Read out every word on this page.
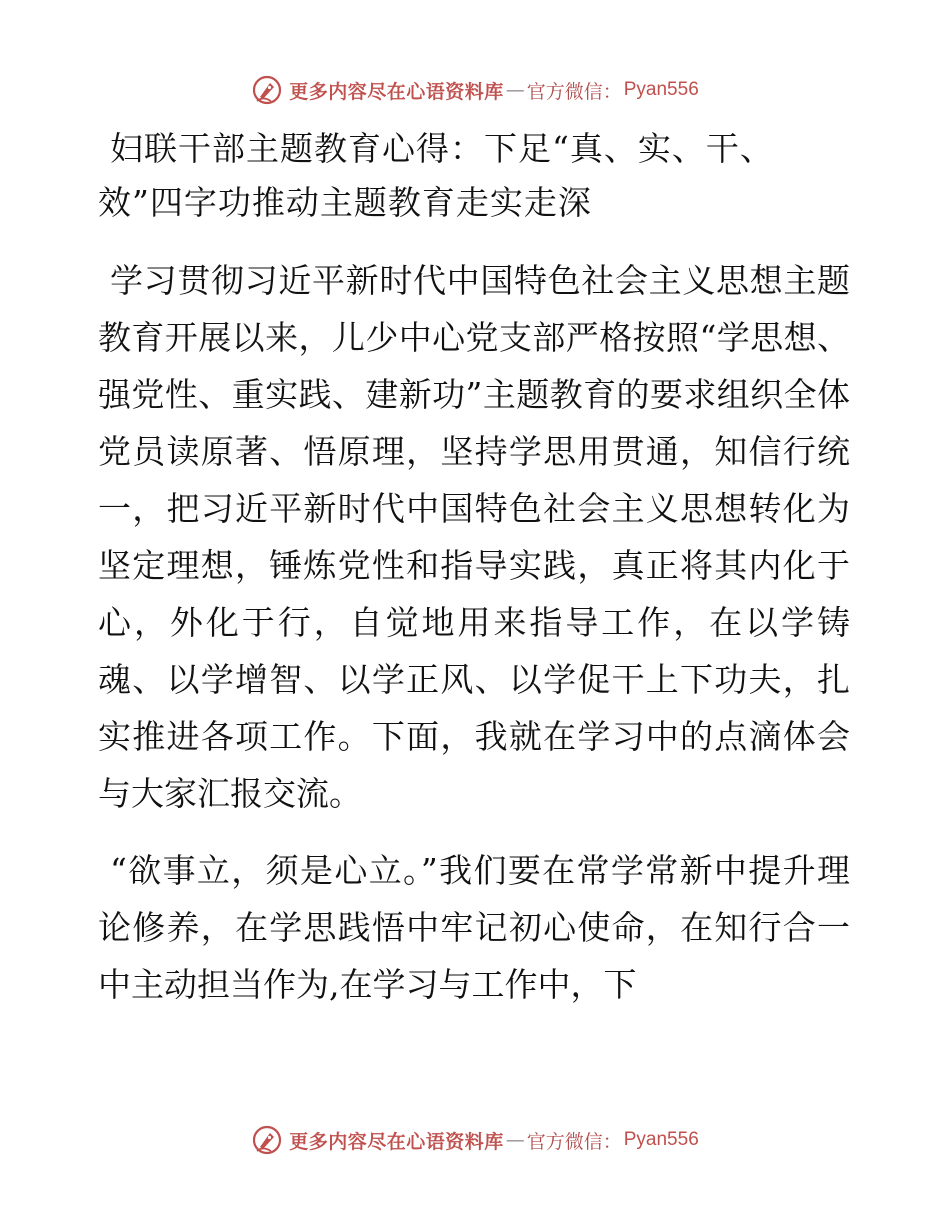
更多内容尽在心语资料库 — 官方微信： Pyan556
妇联干部主题教育心得：下足“真、实、干、效”四字功推动主题教育走实走深

学习贯彻习近平新时代中国特色社会主义思想主题教育开展以来，儿少中心党支部严格按照“学思想、强党性、重实践、建新功”主题教育的要求组织全体党员读原著、悟原理，坚持学思用贯通，知信行统一，把习近平新时代中国特色社会主义思想转化为坚定理想，锤炼党性和指导实践，真正将其内化于心，外化于行，自觉地用来指导工作，在以学铸魂、以学增智、以学正风、以学促干上下功夫，扎实推进各项工作。下面，我就在学习中的点滴体会与大家汇报交流。

“欲事立，须是心立。”我们要在常学常新中提升理论修养，在学思践悟中牢记初心使命，在知行合一中主动担当作为,在学习与工作中，下

更多内容尽在心语资料库 — 官方微信： Pyan556
